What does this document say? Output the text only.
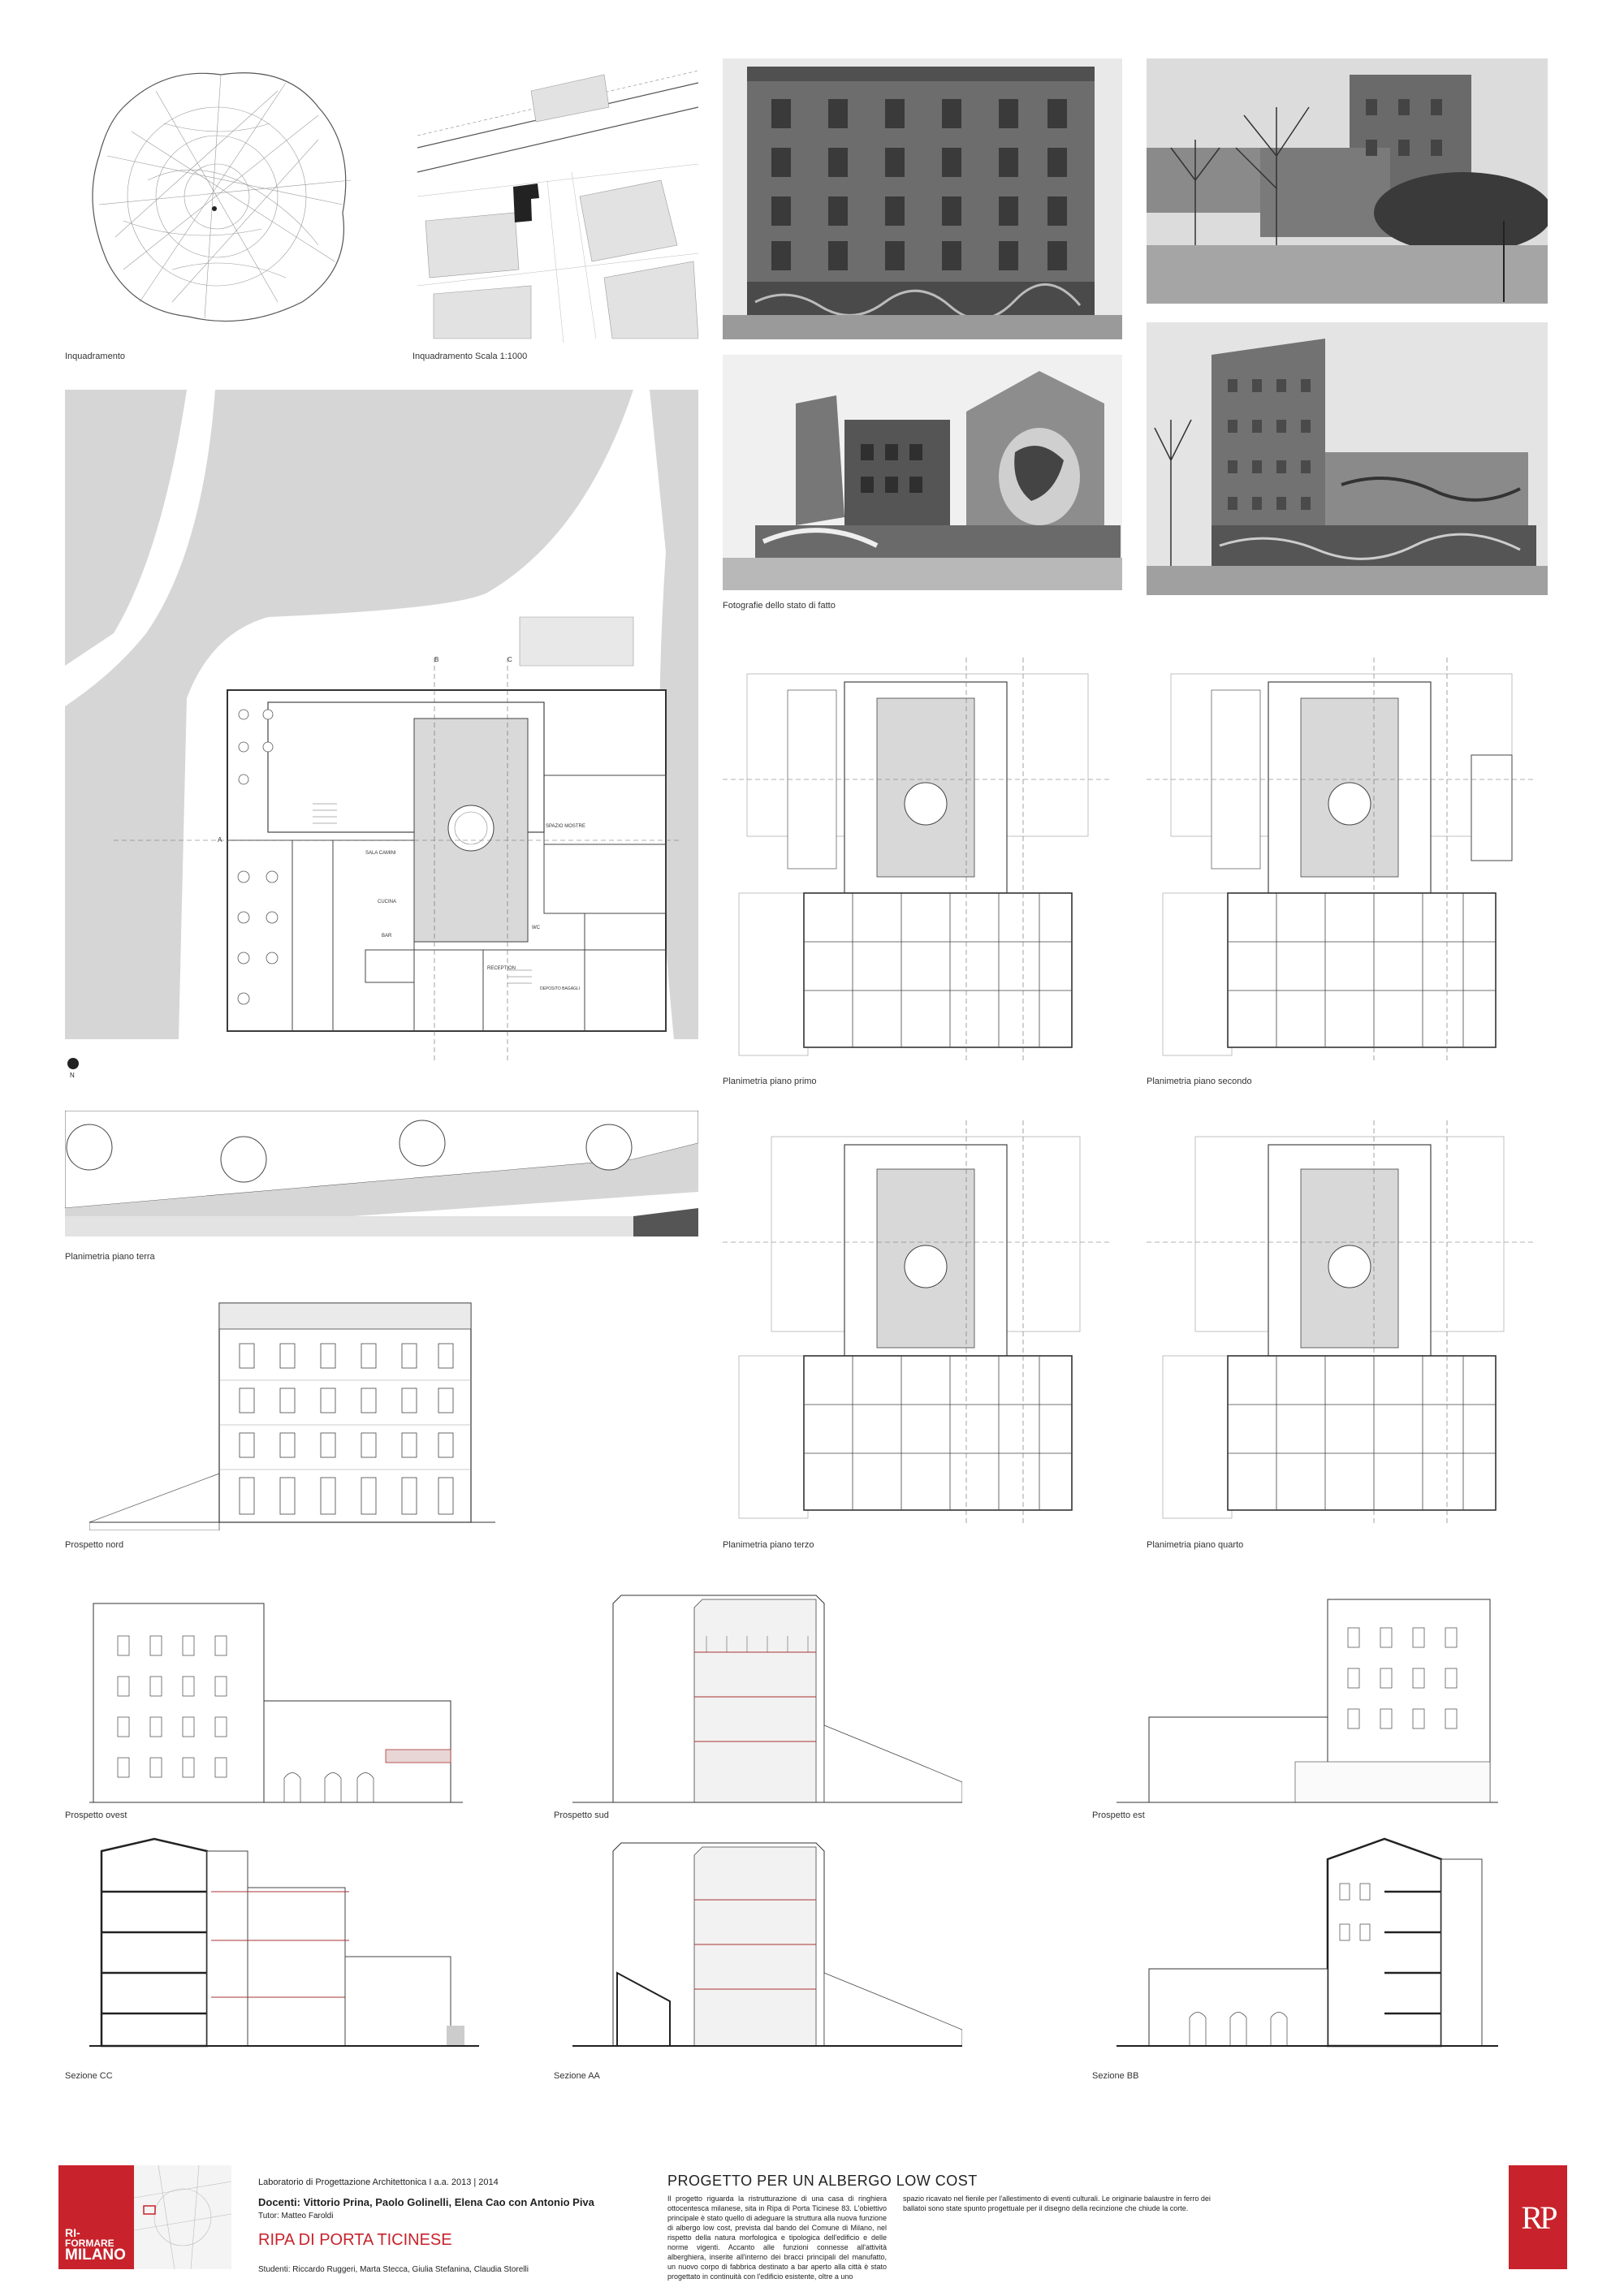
Inquadramento	Inquadramento Scala 1:1000
Fotografie dello stato di fatto
N
SPAZIO MOSTRE
SALA CAMINI
BAR
CUCINA
RECEPTION
DEPOSITO BAGAGLI
WC
A
B	C
Planimetria piano terra
Planimetria piano primo	Planimetria piano secondo
Planimetria piano terzo	Planimetria piano quarto
Prospetto nord
Prospetto ovest	Prospetto sud	Prospetto est
Sezione CC	Sezione AA	Sezione BB
RI-
FORMARE
MILANO
Laboratorio di Progettazione Architettonica I a.a. 2013 | 2014
Docenti: Vittorio Prina, Paolo Golinelli, Elena Cao con Antonio Piva
Tutor: Matteo Faroldi
RIPA DI PORTA TICINESE
Studenti: Riccardo Ruggeri, Marta Stecca, Giulia Stefanina, Claudia Storelli
PROGETTO PER UN ALBERGO LOW COST
Il progetto riguarda la ristrutturazione di una casa di ringhiera ottocentesca milanese, sita in Ripa di Porta Ticinese 83. L'obiettivo principale è stato quello di adeguare la struttura alla nuova funzione di albergo low cost, prevista dal bando del Comune di Milano, nel rispetto della natura morfologica e tipologica dell'edificio e delle norme vigenti. Accanto alle funzioni connesse all'attività alberghiera, inserite all'interno dei bracci principali del manufatto, un nuovo corpo di fabbrica destinato a bar aperto alla città è stato progettato in continuità con l'edificio esistente, oltre a uno
spazio ricavato nel fienile per l'allestimento di eventi culturali. Le originarie balaustre in ferro dei ballatoi sono state spunto progettuale per il disegno della recinzione che chiude la corte.	RP
